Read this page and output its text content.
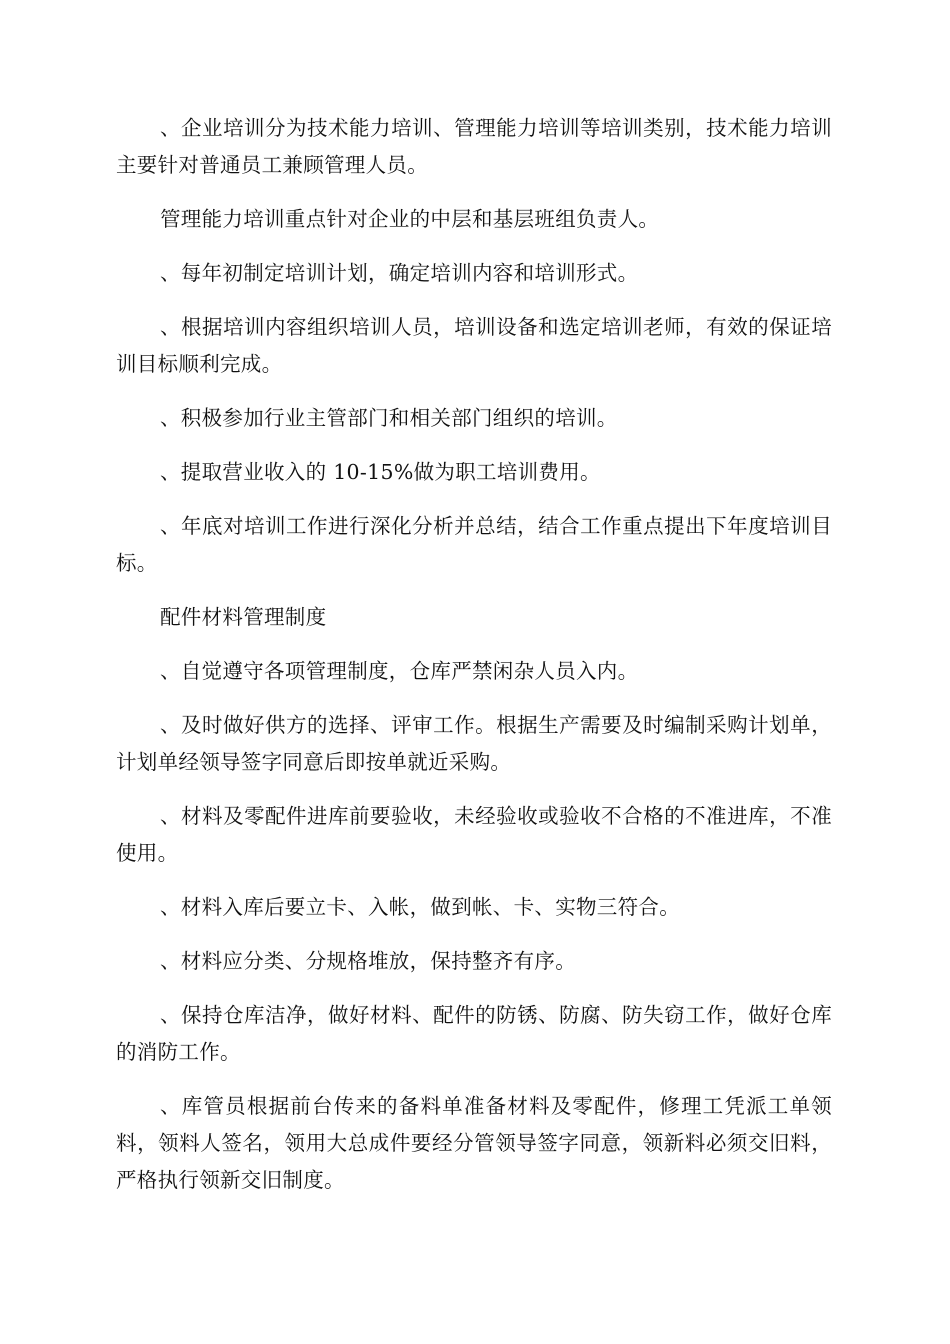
、企业培训分为技术能力培训、管理能力培训等培训类别，技术能力培训主要针对普通员工兼顾管理人员。

管理能力培训重点针对企业的中层和基层班组负责人。

、每年初制定培训计划，确定培训内容和培训形式。

、根据培训内容组织培训人员，培训设备和选定培训老师，有效的保证培训目标顺利完成。

、积极参加行业主管部门和相关部门组织的培训。

、提取营业收入的 10-15%做为职工培训费用。

、年底对培训工作进行深化分析并总结，结合工作重点提出下年度培训目标。

配件材料管理制度

、自觉遵守各项管理制度，仓库严禁闲杂人员入内。

、及时做好供方的选择、评审工作。根据生产需要及时编制采购计划单，计划单经领导签字同意后即按单就近采购。

、材料及零配件进库前要验收，未经验收或验收不合格的不准进库，不准使用。

、材料入库后要立卡、入帐，做到帐、卡、实物三符合。

、材料应分类、分规格堆放，保持整齐有序。

、保持仓库洁净，做好材料、配件的防锈、防腐、防失窃工作，做好仓库的消防工作。

、库管员根据前台传来的备料单准备材料及零配件，修理工凭派工单领料，领料人签名，领用大总成件要经分管领导签字同意，领新料必须交旧料，严格执行领新交旧制度。
